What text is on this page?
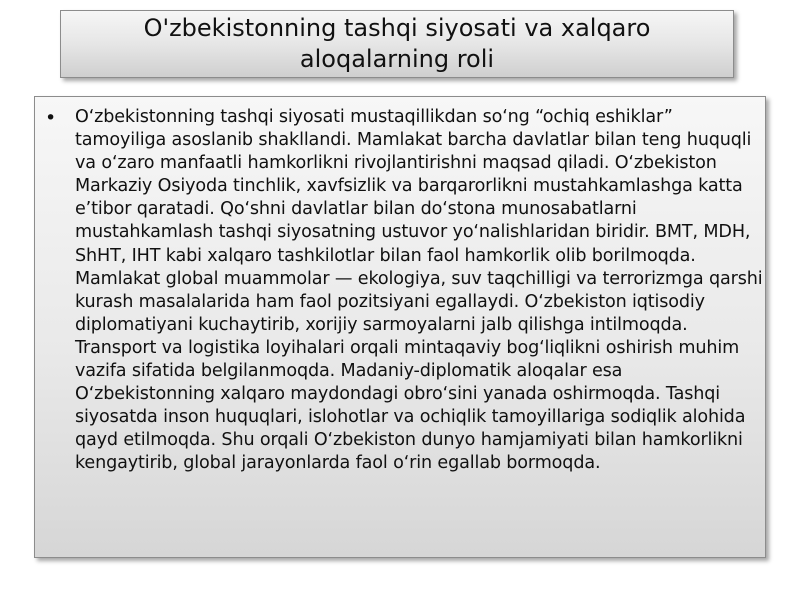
O'zbekistonning tashqi siyosati va xalqaro aloqalarning roli
• O‘zbekistonning tashqi siyosati mustaqillikdan so‘ng “ochiq eshiklar” tamoyiliga asoslanib shakllandi. Mamlakat barcha davlatlar bilan teng huquqli va o‘zaro manfaatli hamkorlikni rivojlantirishni maqsad qiladi. O‘zbekiston Markaziy Osiyoda tinchlik, xavfsizlik va barqarorlikni mustahkamlashga katta e’tibor qaratadi. Qo‘shni davlatlar bilan do‘stona munosabatlarni mustahkamlash tashqi siyosatning ustuvor yo‘nalishlaridan biridir. BMT, MDH, ShHT, IHT kabi xalqaro tashkilotlar bilan faol hamkorlik olib borilmoqda. Mamlakat global muammolar — ekologiya, suv taqchilligi va terrorizmga qarshi kurash masalalarida ham faol pozitsiyani egallaydi. O‘zbekiston iqtisodiy diplomatiyani kuchaytirib, xorijiy sarmoyalarni jalb qilishga intilmoqda. Transport va logistika loyihalari orqali mintaqaviy bog‘liqlikni oshirish muhim vazifa sifatida belgilanmoqda. Madaniy-diplomatik aloqalar esa O‘zbekistonning xalqaro maydondagi obro‘sini yanada oshirmoqda. Tashqi siyosatda inson huquqlari, islohotlar va ochiqlik tamoyillariga sodiqlik alohida qayd etilmoqda. Shu orqali O‘zbekiston dunyo hamjamiyati bilan hamkorlikni kengaytirib, global jarayonlarda faol o‘rin egallab bormoqda.
